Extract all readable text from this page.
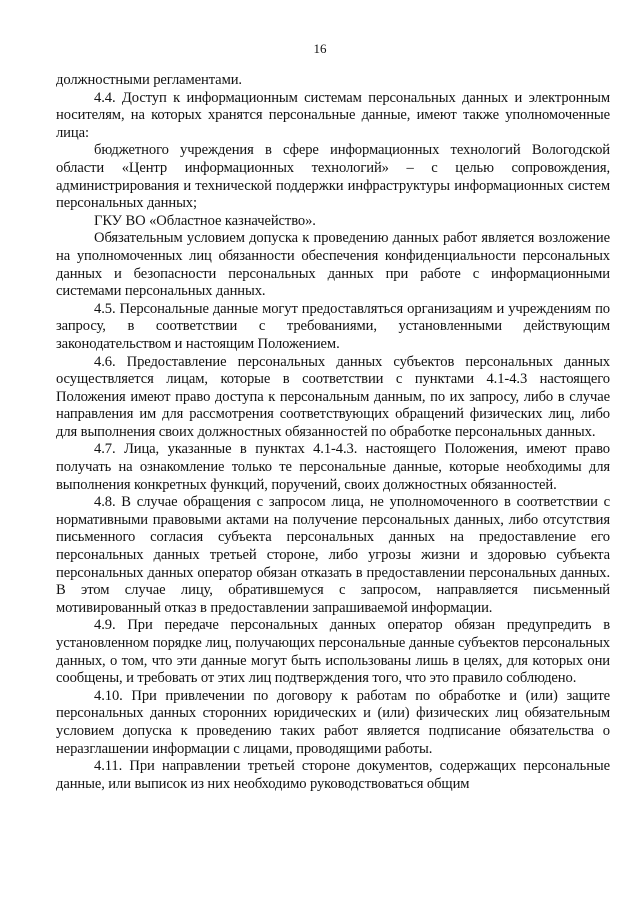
16

должностными регламентами.

4.4. Доступ к информационным системам персональных данных и электронным носителям, на которых хранятся персональные данные, имеют также уполномоченные лица:

бюджетного учреждения в сфере информационных технологий Вологодской области «Центр информационных технологий» – с целью сопровождения, администрирования и технической поддержки инфраструктуры информационных систем персональных данных;

ГКУ ВО «Областное казначейство».

Обязательным условием допуска к проведению данных работ является возложение на уполномоченных лиц обязанности обеспечения конфиденциальности персональных данных и безопасности персональных данных при работе с информационными системами персональных данных.

4.5. Персональные данные могут предоставляться организациям и учреждениям по запросу, в соответствии с требованиями, установленными действующим законодательством и настоящим Положением.

4.6. Предоставление персональных данных субъектов персональных данных осуществляется лицам, которые в соответствии с пунктами 4.1-4.3 настоящего Положения имеют право доступа к персональным данным, по их запросу, либо в случае направления им для рассмотрения соответствующих обращений физических лиц, либо для выполнения своих должностных обязанностей по обработке персональных данных.

4.7. Лица, указанные в пунктах 4.1-4.3. настоящего Положения, имеют право получать на ознакомление только те персональные данные, которые необходимы для выполнения конкретных функций, поручений, своих должностных обязанностей.

4.8. В случае обращения с запросом лица, не уполномоченного в соответствии с нормативными правовыми актами на получение персональных данных, либо отсутствия письменного согласия субъекта персональных данных на предоставление его персональных данных третьей стороне, либо угрозы жизни и здоровью субъекта персональных данных оператор обязан отказать в предоставлении персональных данных. В этом случае лицу, обратившемуся с запросом, направляется письменный мотивированный отказ в предоставлении запрашиваемой информации.

4.9. При передаче персональных данных оператор обязан предупредить в установленном порядке лиц, получающих персональные данные субъектов персональных данных, о том, что эти данные могут быть использованы лишь в целях, для которых они сообщены, и требовать от этих лиц подтверждения того, что это правило соблюдено.

4.10. При привлечении по договору к работам по обработке и (или) защите персональных данных сторонних юридических и (или) физических лиц обязательным условием допуска к проведению таких работ является подписание обязательства о неразглашении информации с лицами, проводящими работы.

4.11. При направлении третьей стороне документов, содержащих персональные данные, или выписок из них необходимо руководствоваться общим
